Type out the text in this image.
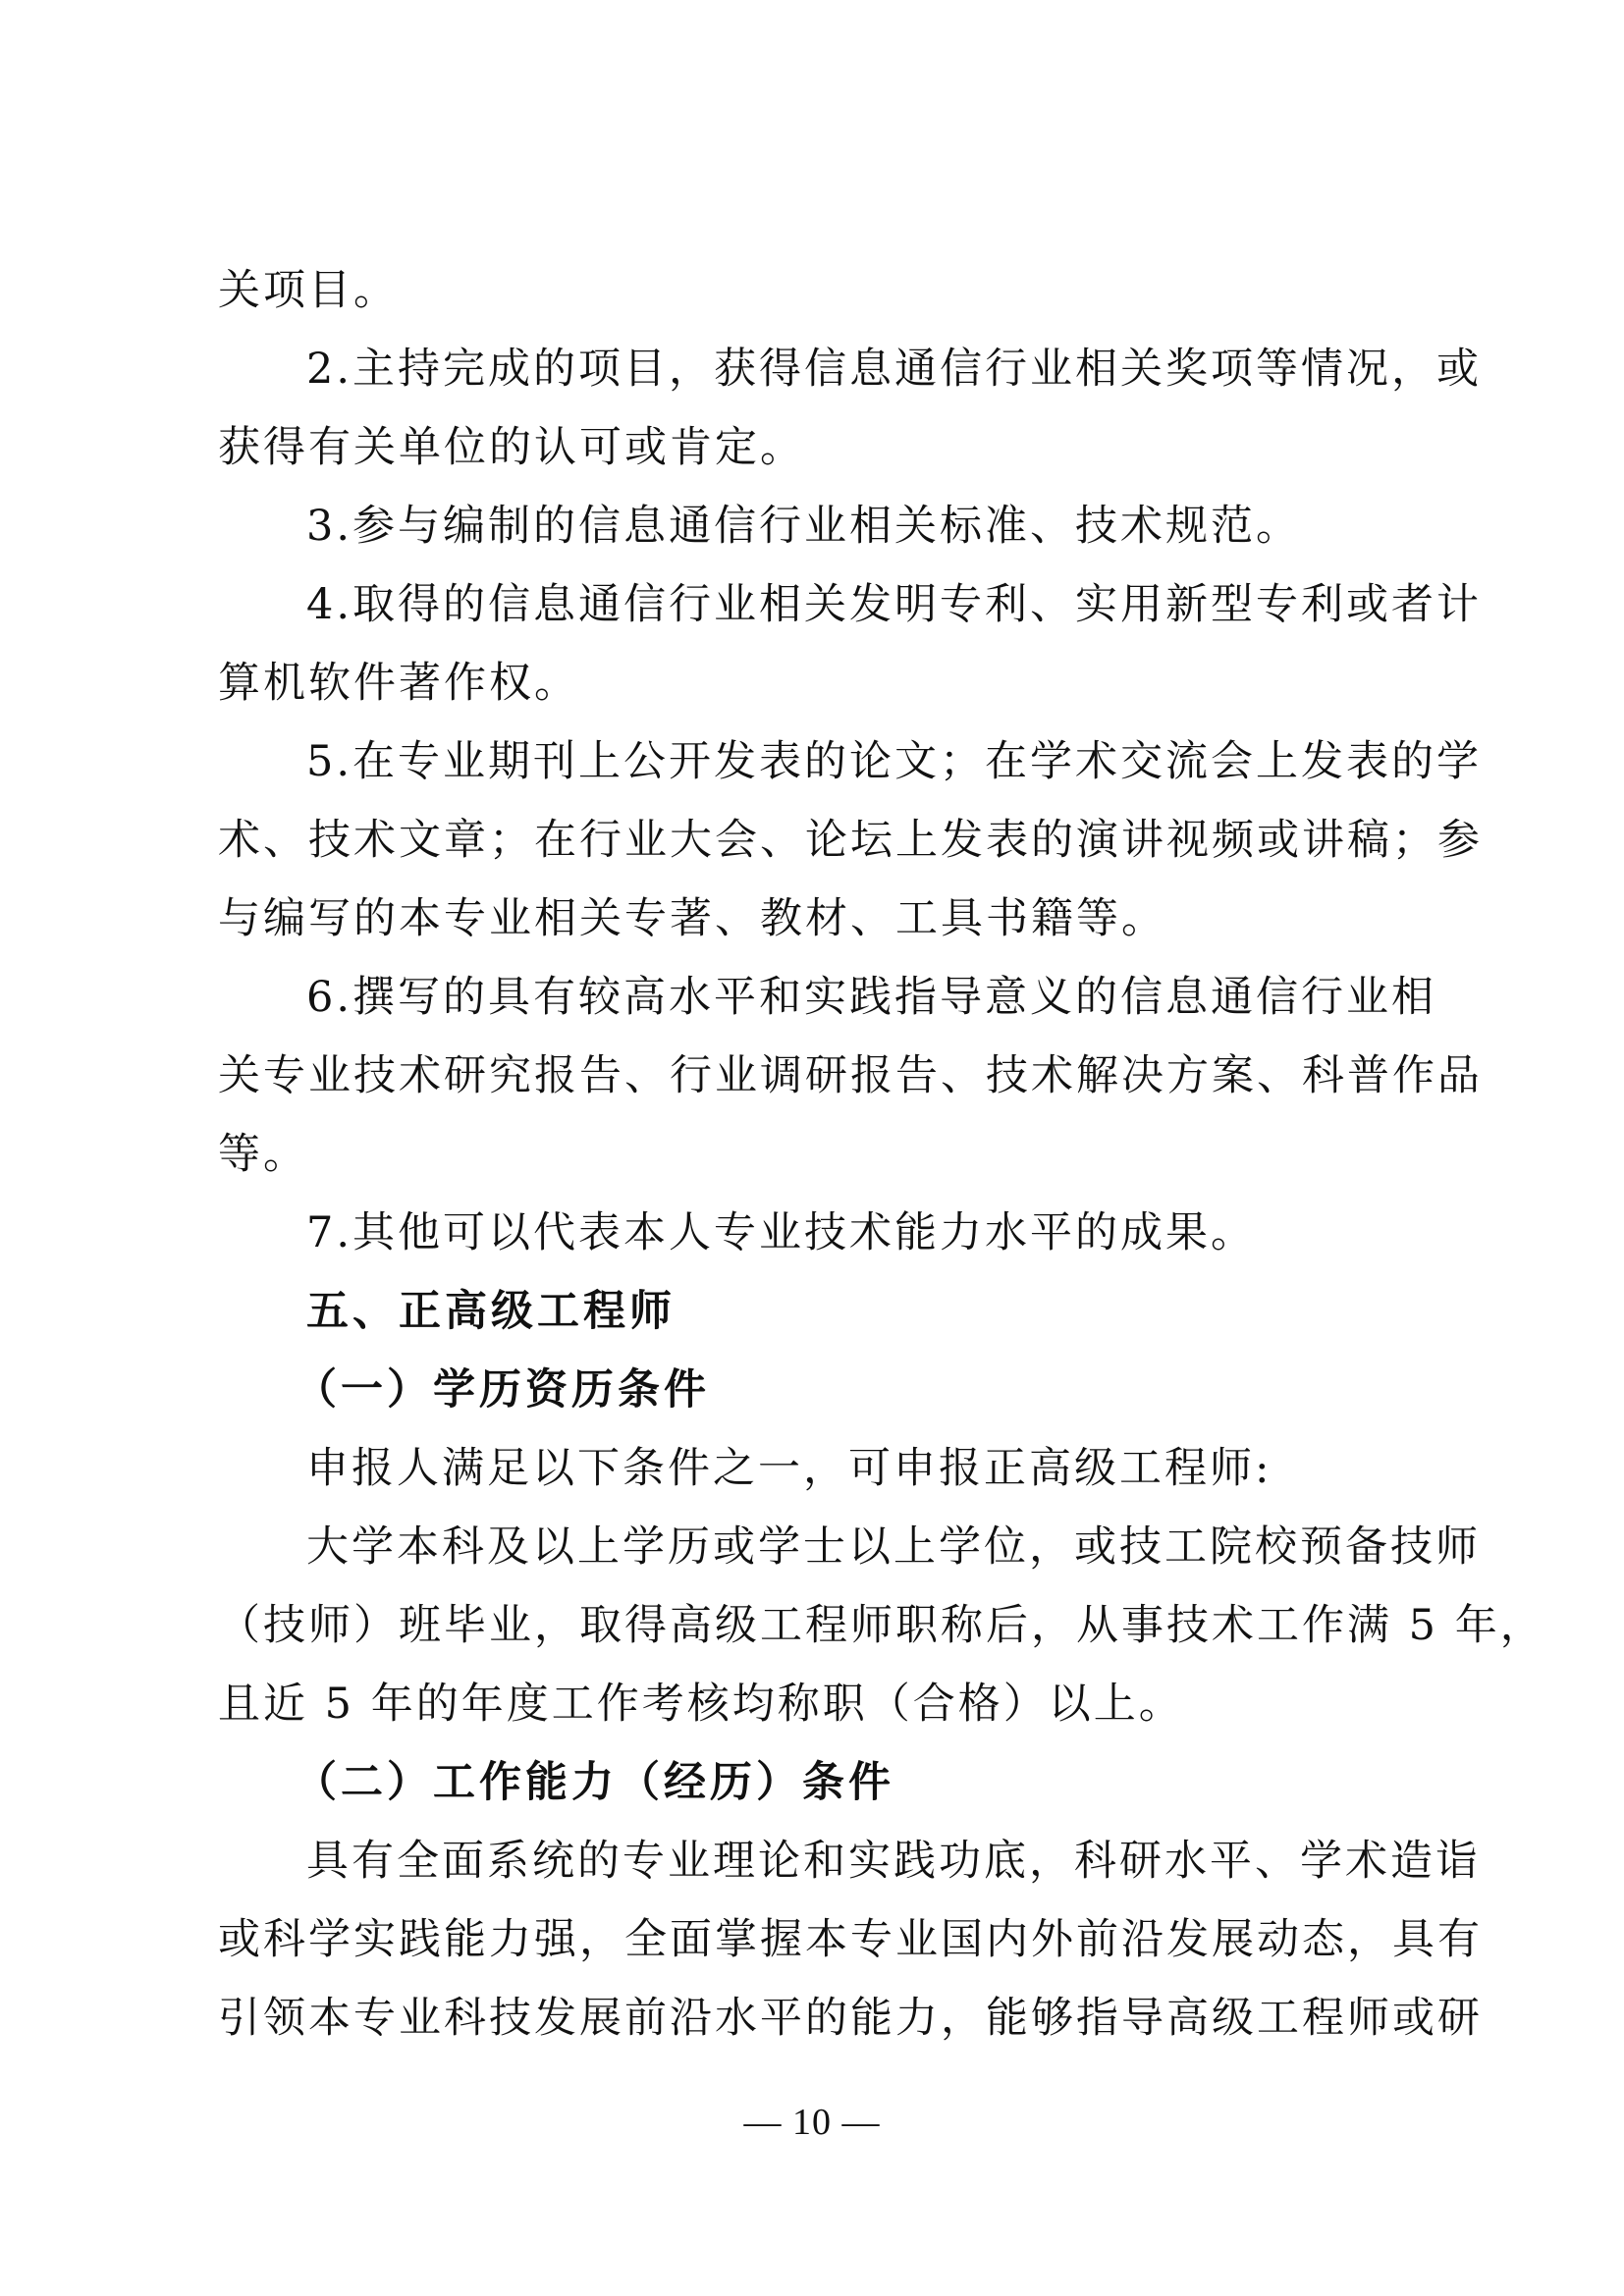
关项目。
2.主持完成的项目，获得信息通信行业相关奖项等情况，或
获得有关单位的认可或肯定。
3.参与编制的信息通信行业相关标准、技术规范。
4.取得的信息通信行业相关发明专利、实用新型专利或者计
算机软件著作权。
5.在专业期刊上公开发表的论文；在学术交流会上发表的学
术、技术文章；在行业大会、论坛上发表的演讲视频或讲稿；参
与编写的本专业相关专著、教材、工具书籍等。
6.撰写的具有较高水平和实践指导意义的信息通信行业相
关专业技术研究报告、行业调研报告、技术解决方案、科普作品
等。
7.其他可以代表本人专业技术能力水平的成果。
五、正高级工程师
（一）学历资历条件
申报人满足以下条件之一，可申报正高级工程师:
大学本科及以上学历或学士以上学位，或技工院校预备技师
（技师）班毕业，取得高级工程师职称后，从事技术工作满 5 年，
且近 5 年的年度工作考核均称职（合格）以上。
（二）工作能力（经历）条件
具有全面系统的专业理论和实践功底，科研水平、学术造诣
或科学实践能力强，全面掌握本专业国内外前沿发展动态，具有
引领本专业科技发展前沿水平的能力，能够指导高级工程师或研
— 10 —
